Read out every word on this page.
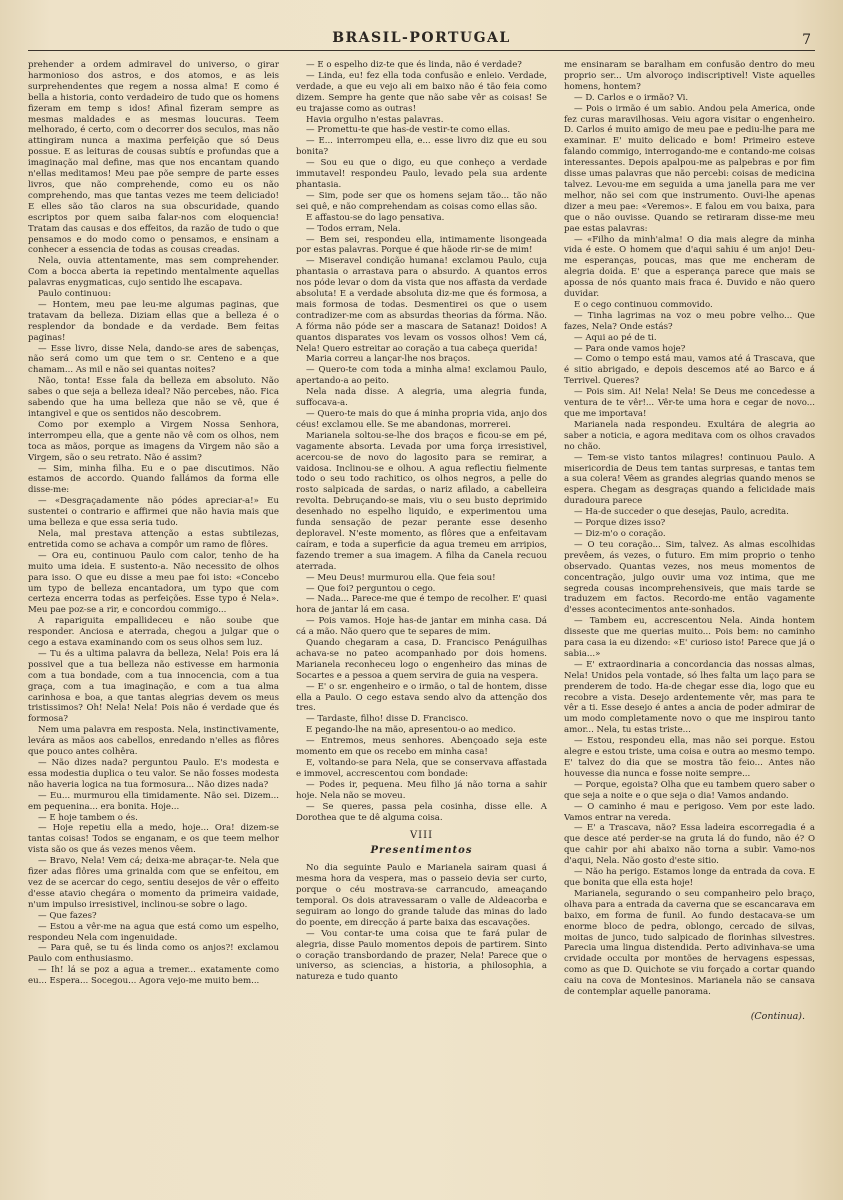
BRASIL-PORTUGAL	7

prehender a ordem admiravel do universo, o girar harmonioso dos astros, e dos atomos, e as leis surprehendentes que regem a nossa alma! E como é bella a historia, conto verdadeiro de tudo que os homens fizeram em temp s idos! Afinal fizeram sempre as mesmas maldades e as mesmas loucuras. Teem melhorado, é certo, com o decorrer dos seculos, mas não attingiram nunca a maxima perfeição que só Deus possue. E as leituras de cousas subtís e profundas que a imaginação mal define, mas que nos encantam quando n'ellas meditamos! Meu pae põe sempre de parte esses livros, que não comprehende, como eu os não comprehendo, mas que tantas vezes me teem deliciado! E elles são tão claros na sua obscuridade, quando escriptos por quem saiba falar-nos com eloquencia! Tratam das causas e dos effeitos, da razão de tudo o que pensamos e do modo como o pensamos, e ensinam a conhecer a essencia de todas as cousas creadas.

Nela, ouvia attentamente, mas sem comprehender. Com a bocca aberta ia repetindo mentalmente aquellas palavras enygmaticas, cujo sentido lhe escapava.

Paulo continuou:

— Hontem, meu pae leu-me algumas paginas, que tratavam da belleza. Diziam ellas que a belleza é o resplendor da bondade e da verdade. Bem feitas paginas!

— Esse livro, disse Nela, dando-se ares de sabenças, não será como um que tem o sr. Centeno e a que chamam... As mil e não sei quantas noites?

Não, tonta! Esse fala da belleza em absoluto. Não sabes o que seja a belleza ideal? Não percebes, não. Fica sabendo que ha uma belleza que não se vê, que é intangivel e que os sentidos não descobrem.

Como por exemplo a Virgem Nossa Senhora, interrompeu ella, que a gente não vê com os olhos, nem toca as mãos, porque as imagens da Virgem não são a Virgem, são o seu retrato. Não é assim?

— Sim, minha filha. Eu e o pae discutimos. Não estamos de accordo. Quando fallámos da forma elle disse-me:

— «Desgraçadamente não pódes apreciar-a!» Eu sustentei o contrario e affirmei que não havia mais que uma belleza e que essa seria tudo.

Nela, mal prestava attenção a estas subtilezas, entretida como se achava a compôr um ramo de flôres.

— Ora eu, continuou Paulo com calor, tenho de ha muito uma ideia. E sustento-a. Não necessito de olhos para isso. O que eu disse a meu pae foi isto: «Concebo um typo de belleza encantadora, um typo que com certeza encerra todas as perfeições. Esse typo é Nela». Meu pae poz-se a rir, e concordou commigo...

A rapariguita empallideceu e não soube que responder. Anciosa e aterrada, chegou a julgar que o cego a estava examinando com os seus olhos sem luz.

— Tu és a ultima palavra da belleza, Nela! Pois era lá possivel que a tua belleza não estivesse em harmonia com a tua bondade, com a tua innocencia, com a tua graça, com a tua imaginação, e com a tua alma carinhosa e boa, a que tantas alegrias devem os meus tristissimos? Oh! Nela! Nela! Pois não é verdade que és formosa?

Nem uma palavra em resposta. Nela, instinctivamente, levára as mãos aos cabellos, enredando n'elles as flôres que pouco antes colhêra.

— Não dizes nada? perguntou Paulo. E's modesta e essa modestia duplica o teu valor. Se não fosses modesta não haveria logica na tua formosura... Não dizes nada?

— Eu... murmurou ella timidamente. Não sei. Dizem... em pequenina... era bonita. Hoje...

— E hoje tambem o és.

— Hoje repetiu ella a medo, hoje... Ora! dizem-se tantas coisas! Todos se enganam, e os que teem melhor vista são os que ás vezes menos vêem.

— Bravo, Nela! Vem cá; deixa-me abraçar-te. Nela que fizer adas flôres uma grinalda com que se enfeitou, em vez de se acercar do cego, sentiu desejos de vêr o effeito d'esse atavio chegára o momento da primeira vaidade, n'um impulso irresistivel, inclinou-se sobre o lago.

— Que fazes?

— Estou a vêr-me na agua que está como um espelho, respondeu Nela com ingenuidade.

— Para quê, se tu és linda como os anjos?! exclamou Paulo com enthusiasmo.

— Ih! lá se poz a agua a tremer... exatamente como eu... Espera... Socegou... Agora vejo-me muito bem...

— E o espelho diz-te que és linda, não é verdade?

— Linda, eu! fez ella toda confusão e enleio. Verdade, verdade, a que eu vejo ali em baixo não é tão feia como dizem. Sempre ha gente que não sabe vêr as coisas! Se eu trajasse como as outras!

Havia orgulho n'estas palavras.

— Promettu-te que has-de vestir-te como ellas.

— E... interrompeu ella, e... esse livro diz que eu sou bonita?

— Sou eu que o digo, eu que conheço a verdade immutavel! respondeu Paulo, levado pela sua ardente phantasia.

— Sim, pode ser que os homens sejam tão... tão não sei quê, e não comprehendam as coisas como ellas são.

E affastou-se do lago pensativa.

— Todos erram, Nela.

— Bem sei, respondeu ella, intimamente lisongeada por estas palavras. Porque é que hãode rir-se de mim!

— Miseravel condição humana! exclamou Paulo, cuja phantasia o arrastava para o absurdo. A quantos erros nos póde levar o dom da vista que nos affasta da verdade absoluta! E a verdade absoluta diz-me que és formosa, a mais formosa de todas. Desmentirei os que o usem contradizer-me com as absurdas theorias da fórma. Não. A fórma não póde ser a mascara de Satanaz! Doidos! A quantos disparates vos levam os vossos olhos! Vem cá, Nela! Quero estreitar ao coração a tua cabeça querida!

Maria correu a lançar-lhe nos braços.

— Quero-te com toda a minha alma! exclamou Paulo, apertando-a ao peito.

Nela nada disse. A alegria, uma alegria funda, suffocava-a.

— Quero-te mais do que á minha propria vida, anjo dos céus! exclamou elle. Se me abandonas, morrerei.

Marianela soltou-se-lhe dos braços e ficou-se em pé, vagamente absorta. Levada por uma força irresistivel, acercou-se de novo do lagosito para se remirar, a vaidosa. Inclinou-se e olhou. A agua reflectiu fielmente todo o seu todo rachitico, os olhos negros, a pelle do rosto salpicada de sardas, o nariz afilado, a cabelleira revolta. Debruçando-se mais, viu o seu busto deprimido desenhado no espelho liquido, e experimentou uma funda sensação de pezar perante esse desenho deploravel. N'este momento, as flôres que a enfeitavam caíram, e toda a superficie da agua tremeu em arripios, fazendo tremer a sua imagem. A filha da Canela recuou aterrada.

— Meu Deus! murmurou ella. Que feia sou!

— Que foi? perguntou o cego.

— Nada... Parece-me que é tempo de recolher. E' quasi hora de jantar lá em casa.

— Pois vamos. Hoje has-de jantar em minha casa. Dá cá a mão. Não quero que te separes de mim.

Quando chegaram a casa, D. Francisco Penáguilhas achava-se no pateo acompanhado por dois homens. Marianela reconheceu logo o engenheiro das minas de Socartes e a pessoa a quem servira de guia na vespera.

— E' o sr. engenheiro e o irmão, o tal de hontem, disse ella a Paulo. O cego estava sendo alvo da attenção dos tres.

— Tardaste, filho! disse D. Francisco.

E pegando-lhe na mão, apresentou-o ao medico.

— Entremos, meus senhores. Abençoado seja este momento em que os recebo em minha casa!

E, voltando-se para Nela, que se conservava affastada e immovel, accrescentou com bondade:

— Podes ir, pequena. Meu filho já não torna a sahir hoje. Nela não se moveu.

— Se queres, passa pela cosinha, disse elle. A Dorothea que te dê alguma coisa.

VIII
Presentimentos

No dia seguinte Paulo e Marianela sairam quasi á mesma hora da vespera, mas o passeio devia ser curto, porque o céu mostrava-se carrancudo, ameaçando temporal. Os dois atravessaram o valle de Aldeacorba e seguiram ao longo do grande talude das minas do lado do poente, em direcção á parte baixa das escavações.

— Vou contar-te uma coisa que te fará pular de alegria, disse Paulo momentos depois de partirem. Sinto o coração transbordando de prazer, Nela! Parece que o universo, as sciencias, a historia, a philosophia, a natureza e tudo quanto

me ensinaram se baralham em confusão dentro do meu proprio ser... Um alvoroço indiscriptivel! Viste aquelles homens, hontem?

— D. Carlos e o irmão? Vi.

— Pois o irmão é um sabio. Andou pela America, onde fez curas maravilhosas. Veiu agora visitar o engenheiro. D. Carlos é muito amigo de meu pae e pediu-lhe para me examinar. E' muito delicado e bom! Primeiro esteve falando commigo, interrogando-me e contando-me coisas interessantes. Depois apalpou-me as palpebras e por fim disse umas palavras que não percebi: coisas de medicina talvez. Levou-me em seguida a uma janella para me ver melhor, não sei com que instrumento. Ouvi-lhe apenas dizer a meu pae: «Veremos». E falou em vou baixa, para que o não ouvisse. Quando se retiraram disse-me meu pae estas palavras:

— «Filho da minh'alma! O dia mais alegre da minha vida é este. O homem que d'aqui sahiu é um anjo! Deu-me esperanças, poucas, mas que me encheram de alegria doida. E' que a esperança parece que mais se apossa de nós quanto mais fraca é. Duvido e não quero duvidar.

E o cego continuou commovido.

— Tinha lagrimas na voz o meu pobre velho... Que fazes, Nela? Onde estás?

— Aqui ao pé de ti.

— Para onde vamos hoje?

— Como o tempo está mau, vamos até á Trascava, que é sitio abrigado, e depois descemos até ao Barco e á Terrivel. Queres?

— Pois sim. Ai! Nela! Nela! Se Deus me concedesse a ventura de te vêr!... Vêr-te uma hora e cegar de novo... que me importava!

Marianela nada respondeu. Exultára de alegria ao saber a noticia, e agora meditava com os olhos cravados no chão.

— Tem-se visto tantos milagres! continuou Paulo. A misericordia de Deus tem tantas surpresas, e tantas tem a sua colera! Vêem as grandes alegrias quando menos se espera. Chegam as desgraças quando a felicidade mais duradoura parece

— Ha-de succeder o que desejas, Paulo, acredita.

— Porque dizes isso?

— Diz-m'o o coração.

— O teu coração... Sim, talvez. As almas escolhidas prevêem, ás vezes, o futuro. Em mim proprio o tenho observado. Quantas vezes, nos meus momentos de concentração, julgo ouvir uma voz intima, que me segreda cousas incomprehensiveis, que mais tarde se traduzem em factos. Recordo-me então vagamente d'esses acontecimentos ante-sonhados.

— Tambem eu, accrescentou Nela. Ainda hontem disseste que me querias muito... Pois bem: no caminho para casa ia eu dizendo: «E' curioso isto! Parece que já o sabia...»

— E' extraordinaria a concordancia das nossas almas, Nela! Unidos pela vontade, só lhes falta um laço para se prenderem de todo. Ha-de chegar esse dia, logo que eu recobre a vista. Desejo ardentemente vêr, mas para te vêr a ti. Esse desejo é antes a ancia de poder admirar de um modo completamente novo o que me inspirou tanto amor... Nela, tu estas triste...

— Estou, respondeu ella, mas não sei porque. Estou alegre e estou triste, uma coisa e outra ao mesmo tempo. E' talvez do dia que se mostra tão feio... Antes não houvesse dia nunca e fosse noite sempre...

— Porque, egoista? Olha que eu tambem quero saber o que seja a noite e o que seja o dia! Vamos andando.

— O caminho é mau e perigoso. Vem por este lado. Vamos entrar na vereda.

— E' a Trascava, não? Essa ladeira escorregadia é a que desce até perder-se na gruta lá do fundo, não é? O que cahir por ahi abaixo não torna a subir. Vamo-nos d'aqui, Nela. Não gosto d'este sitio.

— Não ha perigo. Estamos longe da entrada da cova. E que bonita que ella esta hoje!

Marianela, segurando o seu companheiro pelo braço, olhava para a entrada da caverna que se escancarava em baixo, em forma de funil. Ao fundo destacava-se um enorme bloco de pedra, oblongo, cercado de silvas, moitas de junco, tudo salpicado de florinhas silvestres. Parecia uma lingua distendida. Perto adivinhava-se uma crvidade occulta por montões de hervagens espessas, como as que D. Quichote se viu forçado a cortar quando caiu na cova de Montesinos. Marianela não se cansava de contemplar aquelle panorama.

(Continua).
